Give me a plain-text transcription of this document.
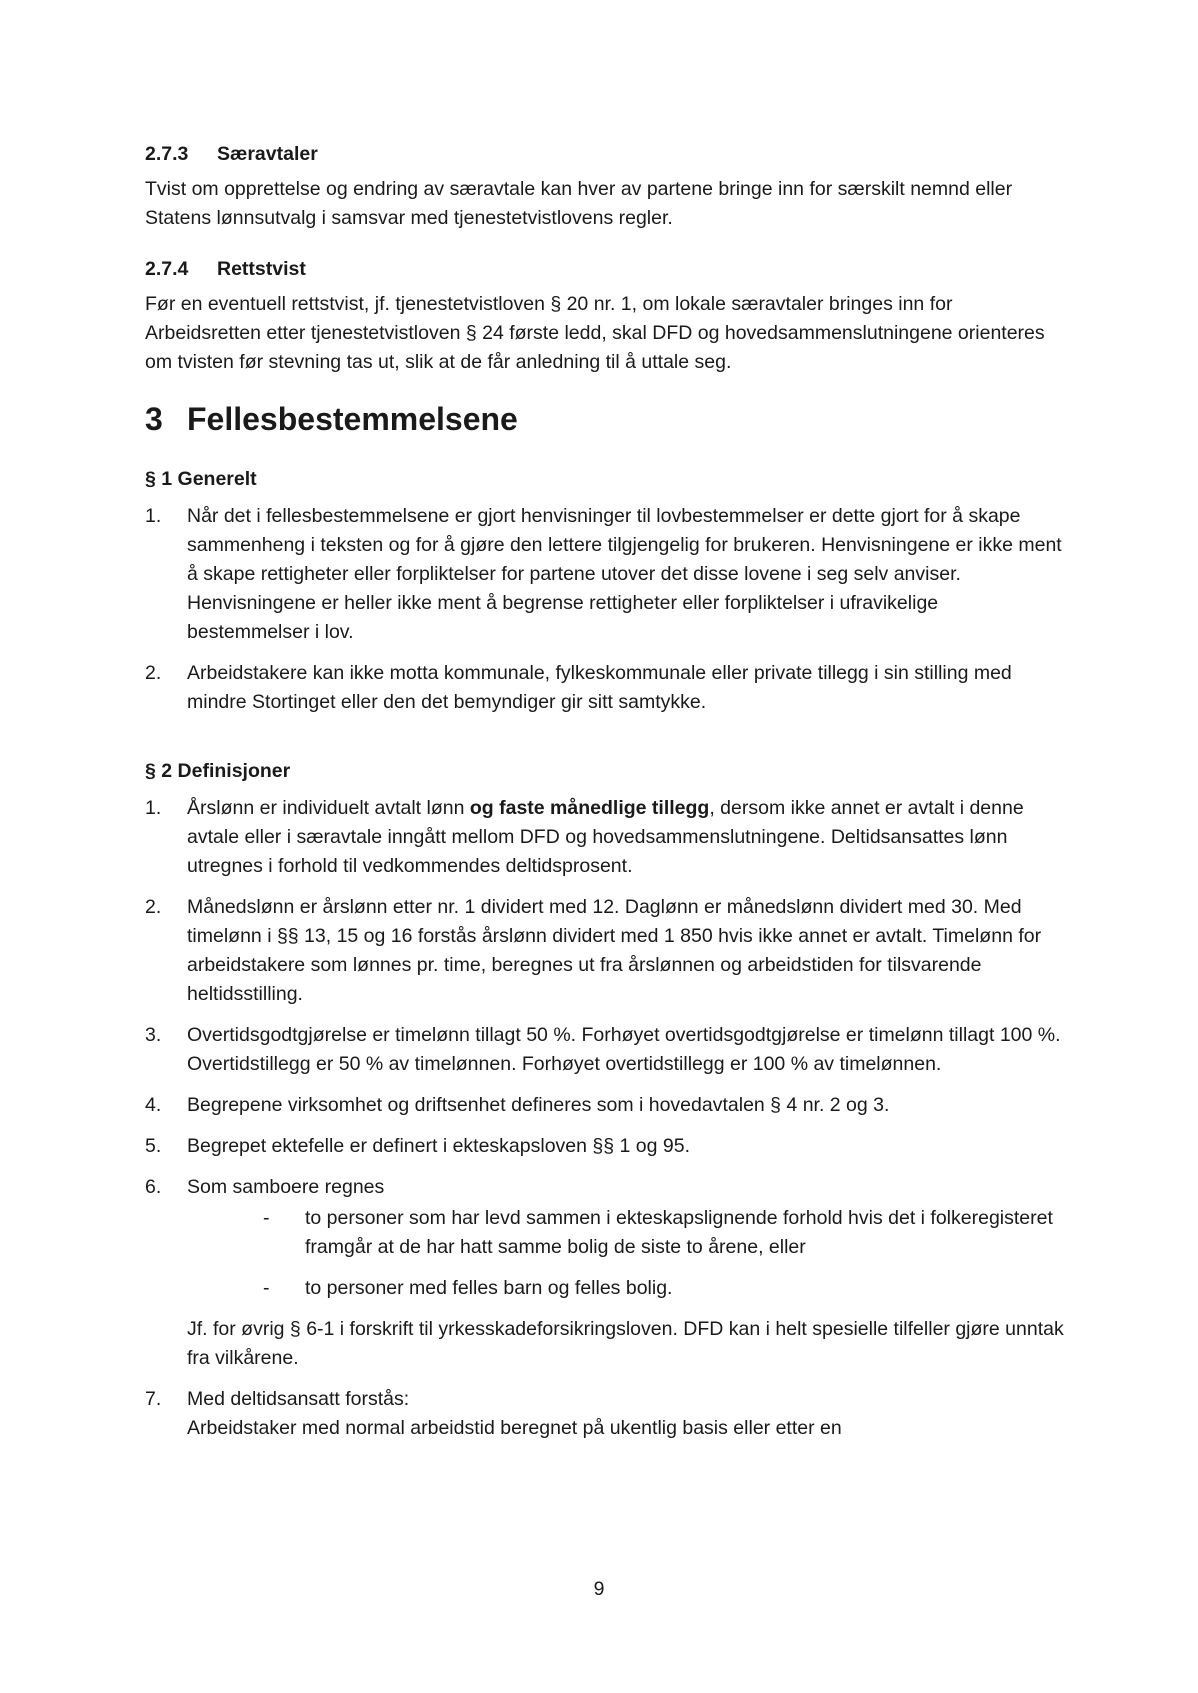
2.7.3	Særavtaler

Tvist om opprettelse og endring av særavtale kan hver av partene bringe inn for særskilt nemnd eller Statens lønnsutvalg i samsvar med tjenestetvistlovens regler.

2.7.4	Rettstvist

Før en eventuell rettstvist, jf. tjenestetvistloven § 20 nr. 1, om lokale særavtaler bringes inn for Arbeidsretten etter tjenestetvistloven § 24 første ledd, skal DFD og hovedsammenslutningene orienteres om tvisten før stevning tas ut, slik at de får anledning til å uttale seg.

3 Fellesbestemmelsene
§ 1 Generelt
1.	Når det i fellesbestemmelsene er gjort henvisninger til lovbestemmelser er dette gjort for å skape sammenheng i teksten og for å gjøre den lettere tilgjengelig for brukeren. Henvisningene er ikke ment å skape rettigheter eller forpliktelser for partene utover det disse lovene i seg selv anviser. Henvisningene er heller ikke ment å begrense rettigheter eller forpliktelser i ufravikelige bestemmelser i lov.
2.	Arbeidstakere kan ikke motta kommunale, fylkeskommunale eller private tillegg i sin stilling med mindre Stortinget eller den det bemyndiger gir sitt samtykke.
§ 2 Definisjoner
1.	Årslønn er individuelt avtalt lønn og faste månedlige tillegg, dersom ikke annet er avtalt i denne avtale eller i særavtale inngått mellom DFD og hovedsammenslutningene. Deltidsansattes lønn utregnes i forhold til vedkommendes deltidsprosent.
2.	Månedslønn er årslønn etter nr. 1 dividert med 12. Daglønn er månedslønn dividert med 30. Med timelønn i §§ 13, 15 og 16 forstås årslønn dividert med 1 850 hvis ikke annet er avtalt. Timelønn for arbeidstakere som lønnes pr. time, beregnes ut fra årslønnen og arbeidstiden for tilsvarende heltidsstilling.
3.	Overtidsgodtgjørelse er timelønn tillagt 50 %. Forhøyet overtidsgodtgjørelse er timelønn tillagt 100 %. Overtidstillegg er 50 % av timelønnen. Forhøyet overtidstillegg er 100 % av timelønnen.
4.	Begrepene virksomhet og driftsenhet defineres som i hovedavtalen § 4 nr. 2 og 3.
5.	Begrepet ektefelle er definert i ekteskapsloven §§ 1 og 95.
6.	Som samboere regnes
-	to personer som har levd sammen i ekteskapslignende forhold hvis det i folkeregisteret framgår at de har hatt samme bolig de siste to årene, eller
-	to personer med felles barn og felles bolig.
Jf. for øvrig § 6-1 i forskrift til yrkesskadeforsikringsloven. DFD kan i helt spesielle tilfeller gjøre unntak fra vilkårene.
7.	Med deltidsansatt forstås:
Arbeidstaker med normal arbeidstid beregnet på ukentlig basis eller etter en
9
